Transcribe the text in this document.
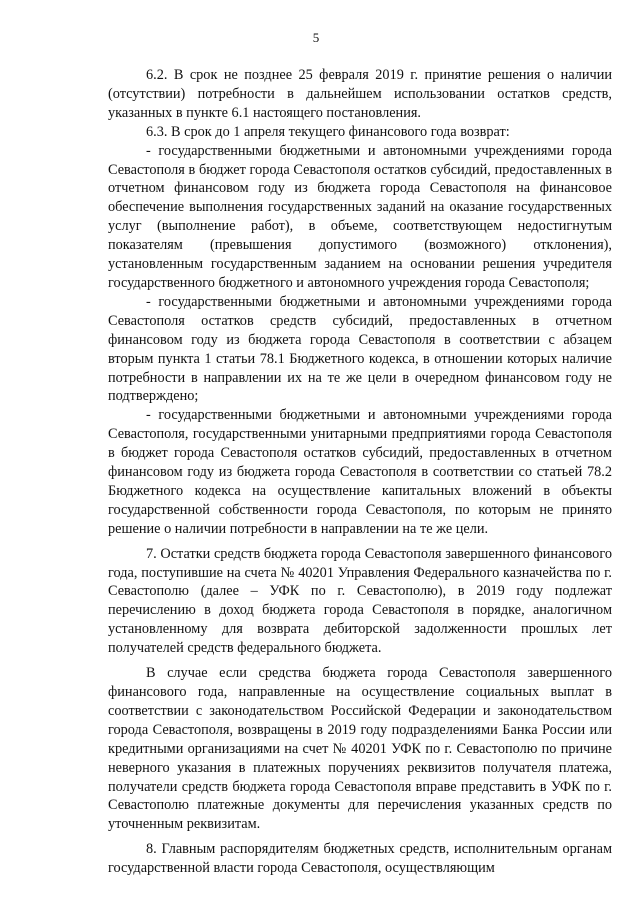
5

6.2. В срок не позднее 25 февраля 2019 г. принятие решения о наличии (отсутствии) потребности в дальнейшем использовании остатков средств, указанных в пункте 6.1 настоящего постановления.

6.3. В срок до 1 апреля текущего финансового года возврат:

- государственными бюджетными и автономными учреждениями города Севастополя в бюджет города Севастополя остатков субсидий, предоставленных в отчетном финансовом году из бюджета города Севастополя на финансовое обеспечение выполнения государственных заданий на оказание государственных услуг (выполнение работ), в объеме, соответствующем недостигнутым показателям (превышения допустимого (возможного) отклонения), установленным государственным заданием на основании решения учредителя государственного бюджетного и автономного учреждения города Севастополя;

- государственными бюджетными и автономными учреждениями города Севастополя остатков средств субсидий, предоставленных в отчетном финансовом году из бюджета города Севастополя в соответствии с абзацем вторым пункта 1 статьи 78.1 Бюджетного кодекса, в отношении которых наличие потребности в направлении их на те же цели в очередном финансовом году не подтверждено;

- государственными бюджетными и автономными учреждениями города Севастополя, государственными унитарными предприятиями города Севастополя в бюджет города Севастополя остатков субсидий, предоставленных в отчетном финансовом году из бюджета города Севастополя в соответствии со статьей 78.2 Бюджетного кодекса на осуществление капитальных вложений в объекты государственной собственности города Севастополя, по которым не принято решение о наличии потребности в направлении на те же цели.

7. Остатки средств бюджета города Севастополя завершенного финансового года, поступившие на счета № 40201 Управления Федерального казначейства по г. Севастополю (далее – УФК по г. Севастополю), в 2019 году подлежат перечислению в доход бюджета города Севастополя в порядке, аналогичном установленному для возврата дебиторской задолженности прошлых лет получателей средств федерального бюджета.

В случае если средства бюджета города Севастополя завершенного финансового года, направленные на осуществление социальных выплат в соответствии с законодательством Российской Федерации и законодательством города Севастополя, возвращены в 2019 году подразделениями Банка России или кредитными организациями на счет № 40201 УФК по г. Севастополю по причине неверного указания в платежных поручениях реквизитов получателя платежа, получатели средств бюджета города Севастополя вправе представить в УФК по г. Севастополю платежные документы для перечисления указанных средств по уточненным реквизитам.

8. Главным распорядителям бюджетных средств, исполнительным органам государственной власти города Севастополя, осуществляющим
